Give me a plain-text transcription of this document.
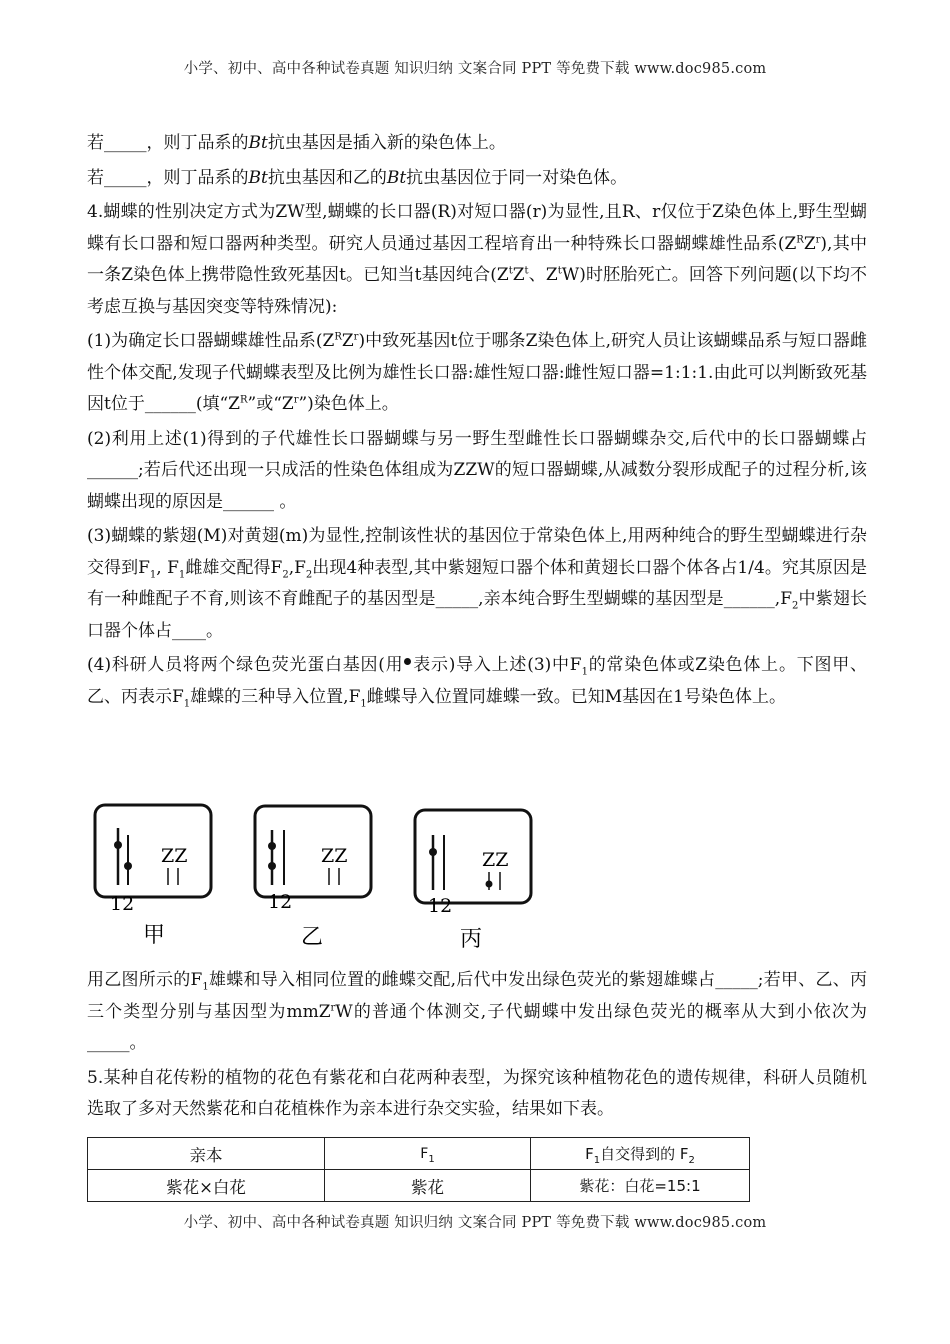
小学、初中、高中各种试卷真题 知识归纳 文案合同 PPT 等免费下载 www.doc985.com

若_____，则丁品系的Bt抗虫基因是插入新的染色体上。

若_____，则丁品系的Bt抗虫基因和乙的Bt抗虫基因位于同一对染色体。

4.蝴蝶的性别决定方式为ZW型,蝴蝶的长口器(R)对短口器(r)为显性,且R、r仅位于Z染色体上,野生型蝴蝶有长口器和短口器两种类型。研究人员通过基因工程培育出一种特殊长口器蝴蝶雄性品系$(Z^RZ^r)$,其中一条Z染色体上携带隐性致死基因t。已知当t基因纯合($Z^tZ^t$、$Z^tW$)时胚胎死亡。回答下列问题(以下均不考虑互换与基因突变等特殊情况):

(1)为确定长口器蝴蝶雄性品系$(Z^RZ^r)$中致死基因t位于哪条Z染色体上,研究人员让该蝴蝶品系与短口器雌性个体交配,发现子代蝴蝶表型及比例为雄性长口器:雄性短口器:雌性短口器=1:1:1.由此可以判断致死基因t位于______(填“$Z^R$”或“$Z^r$”)染色体上。

(2)利用上述(1)得到的子代雄性长口器蝴蝶与另一野生型雌性长口器蝴蝶杂交,后代中的长口器蝴蝶占______;若后代还出现一只成活的性染色体组成为ZZW的短口器蝴蝶,从减数分裂形成配子的过程分析,该蝴蝶出现的原因是______ 。

(3)蝴蝶的紫翅(M)对黄翅(m)为显性,控制该性状的基因位于常染色体上,用两种纯合的野生型蝴蝶进行杂交得到$F_1$, $F_1$雌雄交配得$F_2,F_2$出现4种表型,其中紫翅短口器个体和黄翅长口器个体各占1/4。究其原因是有一种雌配子不育,则该不育雌配子的基因型是_____,亲本纯合野生型蝴蝶的基因型是$\_\_\_\_\_\_,F_2$中紫翅长口器个体占____。

(4)科研人员将两个绿色荧光蛋白基因(用 表示)导入上述(3)中$F_1$的常染色体或Z染色体上。下图甲、乙、丙表示$F_1$雄蝶的三种导入位置$,F_1$雌蝶导入位置同雄蝶一致。已知M基因在1号染色体上。

12
ZZ
甲
12
ZZ
乙
12
ZZ
丙

用乙图所示的$F_1$雄蝶和导入相同位置的雌蝶交配,后代中发出绿色荧光的紫翅雄蝶占_____;若甲、乙、丙三个类型分别与基因型为mmZ$^r$W的普通个体测交,子代蝴蝶中发出绿色荧光的概率从大到小依次为_____。

5.某种自花传粉的植物的花色有紫花和白花两种表型，为探究该种植物花色的遗传规律，科研人员随机选取了多对天然紫花和白花植株作为亲本进行杂交实验，结果如下表。

亲本	$F_1$	$F_1$自交得到的 $F_2$
紫花×白花	紫花	紫花：白花=15:1
小学、初中、高中各种试卷真题 知识归纳 文案合同 PPT 等免费下载 www.doc985.com
